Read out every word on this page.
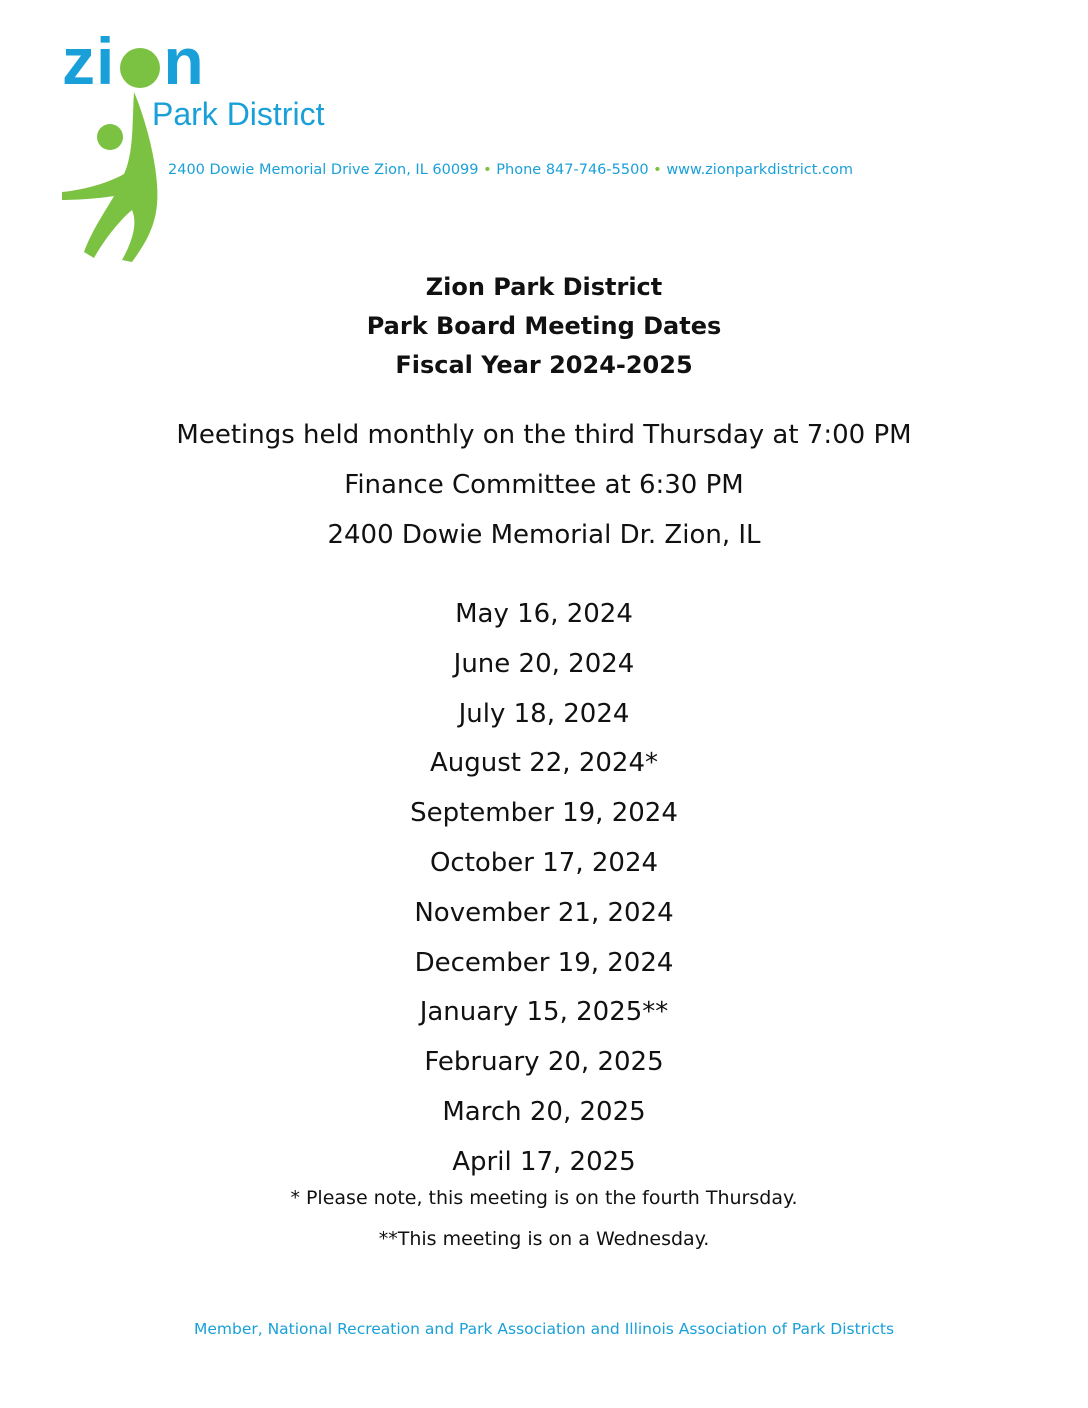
zi n
Park District
2400 Dowie Memorial Drive Zion, IL 60099 • Phone 847-746-5500 • www.zionparkdistrict.com
Zion Park District
Park Board Meeting Dates
Fiscal Year 2024-2025
Meetings held monthly on the third Thursday at 7:00 PM
Finance Committee at 6:30 PM
2400 Dowie Memorial Dr. Zion, IL
May 16, 2024
June 20, 2024
July 18, 2024
August 22, 2024*
September 19, 2024
October 17, 2024
November 21, 2024
December 19, 2024
January 15, 2025**
February 20, 2025
March 20, 2025
April 17, 2025
* Please note, this meeting is on the fourth Thursday.
**This meeting is on a Wednesday.
Member, National Recreation and Park Association and Illinois Association of Park Districts
